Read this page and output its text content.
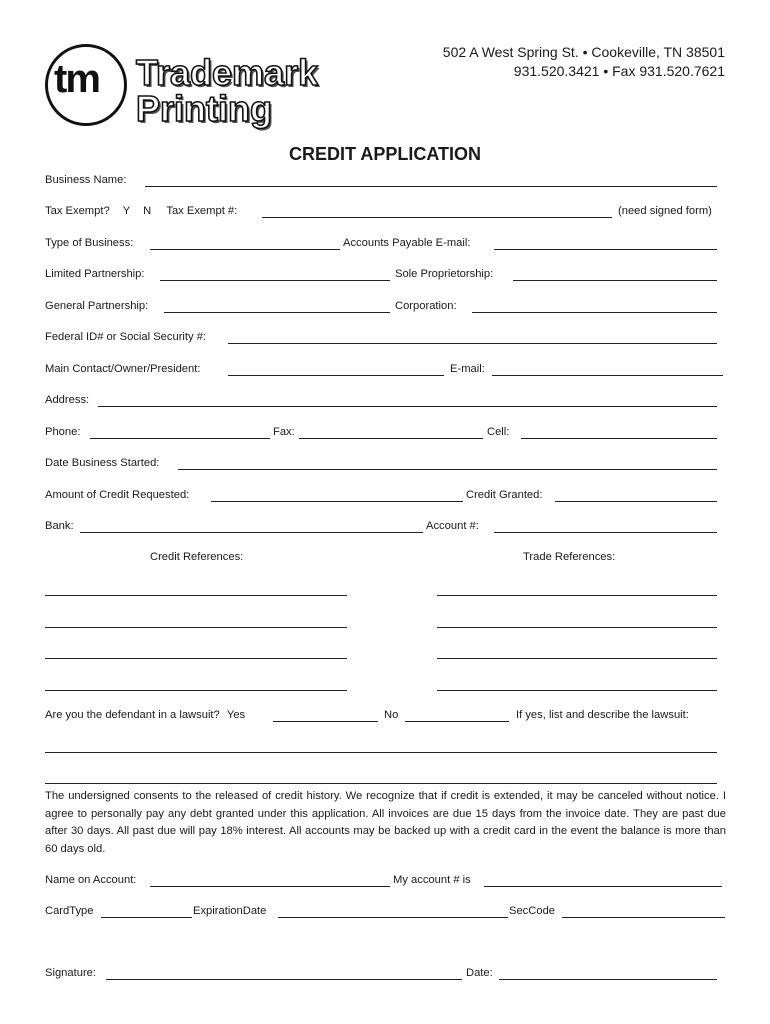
tm Trademark
Printing
502 A West Spring St. • Cookeville, TN 38501
931.520.3421 • Fax 931.520.7621
CREDIT APPLICATION
Business Name:
Tax Exempt? Y N Tax Exempt #:	(need signed form)
Type of Business:	Accounts Payable E-mail:
Limited Partnership:	Sole Proprietorship:
General Partnership:	Corporation:
Federal ID# or Social Security #:
Main Contact/Owner/President:	E-mail:
Address:
Phone:	Fax:	Cell:
Date Business Started:
Amount of Credit Requested:	Credit Granted:
Bank:	Account #:
Credit References:	Trade References:
Are you the defendant in a lawsuit? Yes	No	If yes, list and describe the lawsuit:
The undersigned consents to the released of credit history. We recognize that if credit is extended, it may be canceled without notice. I agree to personally pay any debt granted under this application. All invoices are due 15 days from the invoice date. They are past due after 30 days. All past due will pay 18% interest. All accounts may be backed up with a credit card in the event the balance is more than 60 days old.
Name on Account:	My account # is
CardType	ExpirationDate	SecCode
Signature:	Date:
